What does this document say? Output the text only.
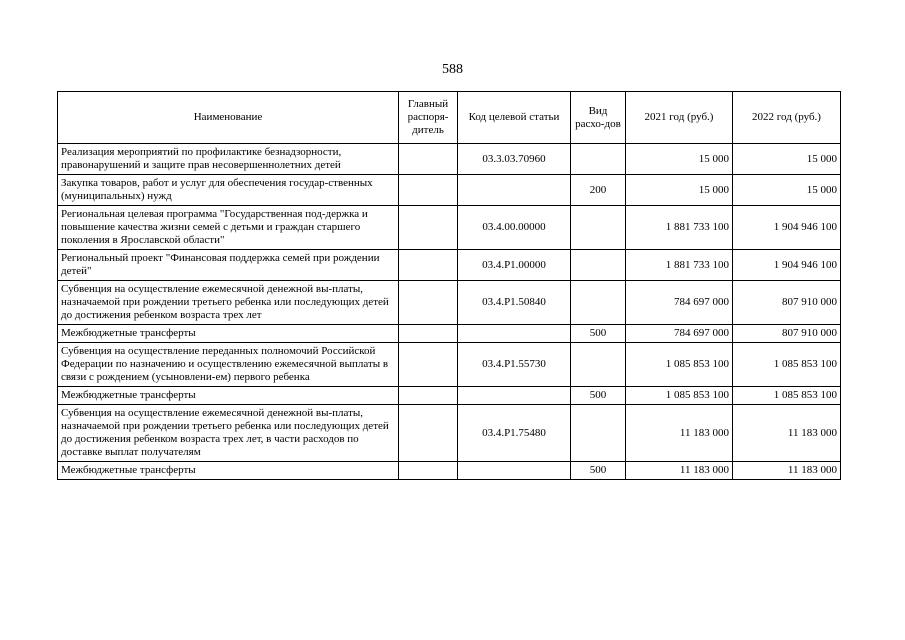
588
Наименование	Главный распоря-дитель	Код целевой статьи	Вид расхо-дов	2021 год (руб.)	2022 год (руб.)
Реализация мероприятий по профилактике безнадзорности, правонарушений и защите прав несовершеннолетних детей		03.3.03.70960		15 000	15 000
Закупка товаров, работ и услуг для обеспечения государ-ственных (муниципальных) нужд			200	15 000	15 000
Региональная целевая программа "Государственная под-держка и повышение качества жизни семей с детьми и граждан старшего поколения в Ярославской области"		03.4.00.00000		1 881 733 100	1 904 946 100
Региональный проект "Финансовая поддержка семей при рождении детей"		03.4.P1.00000		1 881 733 100	1 904 946 100
Субвенция на осуществление ежемесячной денежной вы-платы, назначаемой при рождении третьего ребенка или последующих детей до достижения ребенком возраста трех лет		03.4.P1.50840		784 697 000	807 910 000
Межбюджетные трансферты			500	784 697 000	807 910 000
Субвенция на осуществление переданных полномочий Российской Федерации по назначению и осуществлению ежемесячной выплаты в связи с рождением (усыновлени-ем) первого ребенка		03.4.P1.55730		1 085 853 100	1 085 853 100
Межбюджетные трансферты			500	1 085 853 100	1 085 853 100
Субвенция на осуществление ежемесячной денежной вы-платы, назначаемой при рождении третьего ребенка или последующих детей до достижения ребенком возраста трех лет, в части расходов по доставке выплат получателям		03.4.P1.75480		11 183 000	11 183 000
Межбюджетные трансферты			500	11 183 000	11 183 000
